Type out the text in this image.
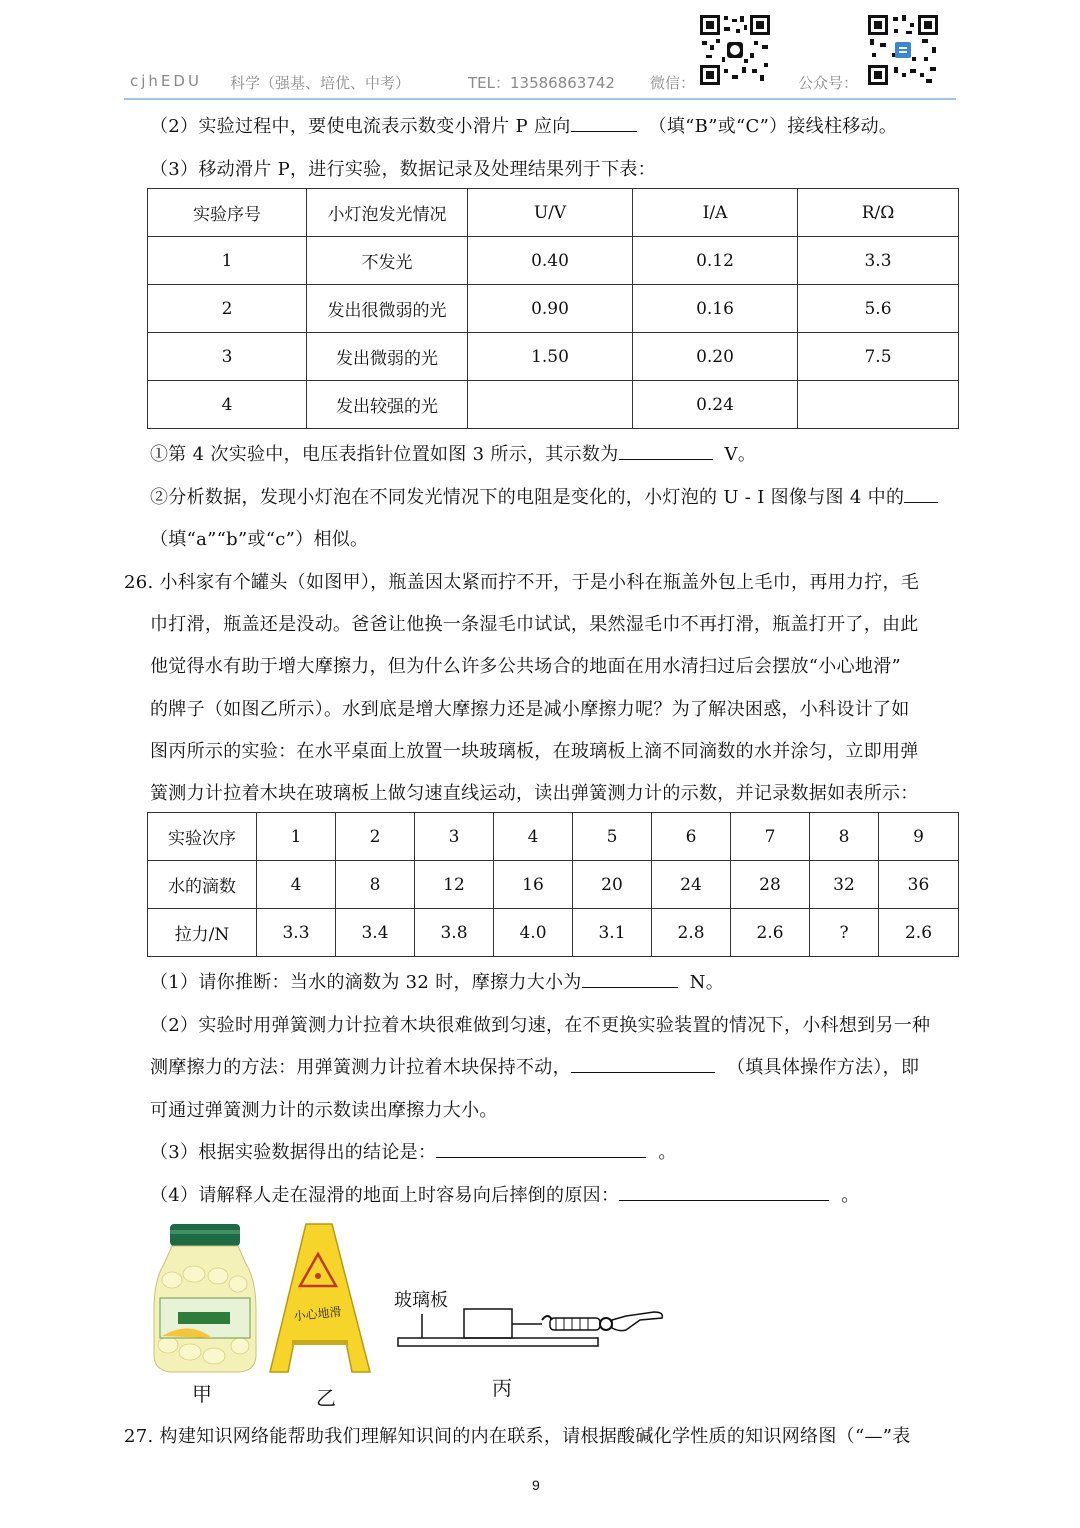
cjhEDU 科学（强基、培优、中考）	TEL：13586863742 微信：	公众号：
（2）实验过程中，要使电流表示数变小滑片 P 应向	（填“B”或“C”）接线柱移动。
（3）移动滑片 P，进行实验，数据记录及处理结果列于下表：
实验序号	小灯泡发光情况	U/V	I/A	R/Ω
1	不发光	0.40	0.12	3.3
2	发出很微弱的光	0.90	0.16	5.6
3	发出微弱的光	1.50	0.20	7.5
4	发出较强的光		0.24	
①第 4 次实验中，电压表指针位置如图 3 所示，其示数为	V。
②分析数据，发现小灯泡在不同发光情况下的电阻是变化的，小灯泡的 U - I 图像与图 4 中的
（填“a”“b”或“c”）相似。
26. 小科家有个罐头（如图甲），瓶盖因太紧而拧不开，于是小科在瓶盖外包上毛巾，再用力拧，毛
巾打滑，瓶盖还是没动。爸爸让他换一条湿毛巾试试，果然湿毛巾不再打滑，瓶盖打开了，由此
他觉得水有助于增大摩擦力，但为什么许多公共场合的地面在用水清扫过后会摆放“小心地滑”
的牌子（如图乙所示）。水到底是增大摩擦力还是减小摩擦力呢？为了解决困惑，小科设计了如
图丙所示的实验：在水平桌面上放置一块玻璃板，在玻璃板上滴不同滴数的水并涂匀，立即用弹
簧测力计拉着木块在玻璃板上做匀速直线运动，读出弹簧测力计的示数，并记录数据如表所示：
实验次序	1	2	3	4	5	6	7	8	9
水的滴数	4	8	12	16	20	24	28	32	36
拉力/N	3.3	3.4	3.8	4.0	3.1	2.8	2.6	?	2.6
（1）请你推断：当水的滴数为 32 时，摩擦力大小为	N。
（2）实验时用弹簧测力计拉着木块很难做到匀速，在不更换实验装置的情况下，小科想到另一种
测摩擦力的方法：用弹簧测力计拉着木块保持不动，	（填具体操作方法），即
可通过弹簧测力计的示数读出摩擦力大小。
（3）根据实验数据得出的结论是：	。
（4）请解释人走在湿滑的地面上时容易向后摔倒的原因：	。
甲
小心地滑
乙
玻璃板
丙
27. 构建知识网络能帮助我们理解知识间的内在联系，请根据酸碱化学性质的知识网络图（“—”表
9
